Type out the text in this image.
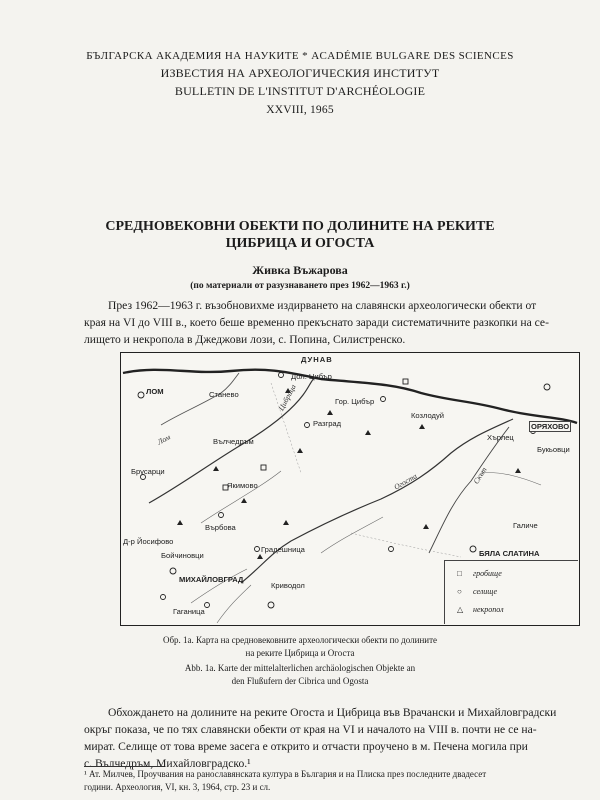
БЪЛГАРСКА АКАДЕМИЯ НА НАУКИТЕ * ACADÉMIE BULGARE DES SCIENCES
ИЗВЕСТИЯ НА АРХЕОЛОГИЧЕСКИЯ ИНСТИТУТ
BULLETIN DE L'INSTITUT D'ARCHÉOLOGIE
XXVIII, 1965
СРЕДНОВЕКОВНИ ОБЕКТИ ПО ДОЛИНИТЕ НА РЕКИТЕ
ЦИБРИЦА И ОГОСТА
Живка Въжарова
(по материали от разузнаването през 1962—1963 г.)
През 1962—1963 г. възобновихме издирването на славянски археологически обекти от
края на VI до VIII в., което беше временно прекъснато заради систематичните разкопки на се-
лището и некропола в Джеджови лози, с. Попина, Силистренско.
ДУНАВ
ЛОМ	Станево
Дол. Цибър
Гор. Цибър
Разград
Козлодуй
Хърлец
ОРЯХОВО
Букьовци
Вълчедръм
Брусарци
Якимово
Върбова
Д-р Йосифово
Бойчиновци
Градешница
Галиче
БЯЛА СЛАТИНА
МИХАЙЛОВГРАД
Криводол
Гаганица
Цибрица
Лом
Огоста	Скът
□ гробище
○ селище
△ некропол
Обр. 1а. Карта на средновековните археологически обекти по долините
на реките Цибрица и Огоста
Abb. 1a. Karte der mittelalterlichen archäologischen Objekte an
den Flußufern der Cibrica und Ogosta
Обхождането на долините на реките Огоста и Цибрица във Врачански и Михайловградски
окръг показа, че по тях славянски обекти от края на VI и началото на VIII в. почти не се на-
мират. Селище от това време засега е открито и отчасти проучено в м. Печена могила при
с. Вълчедръм, Михайловградско.¹
¹ Ат. Милчев, Проучвания на ранославянската култура в България и на Плиска през последните двадесет
години. Археология, VI, кн. 3, 1964, стр. 23 и сл.
